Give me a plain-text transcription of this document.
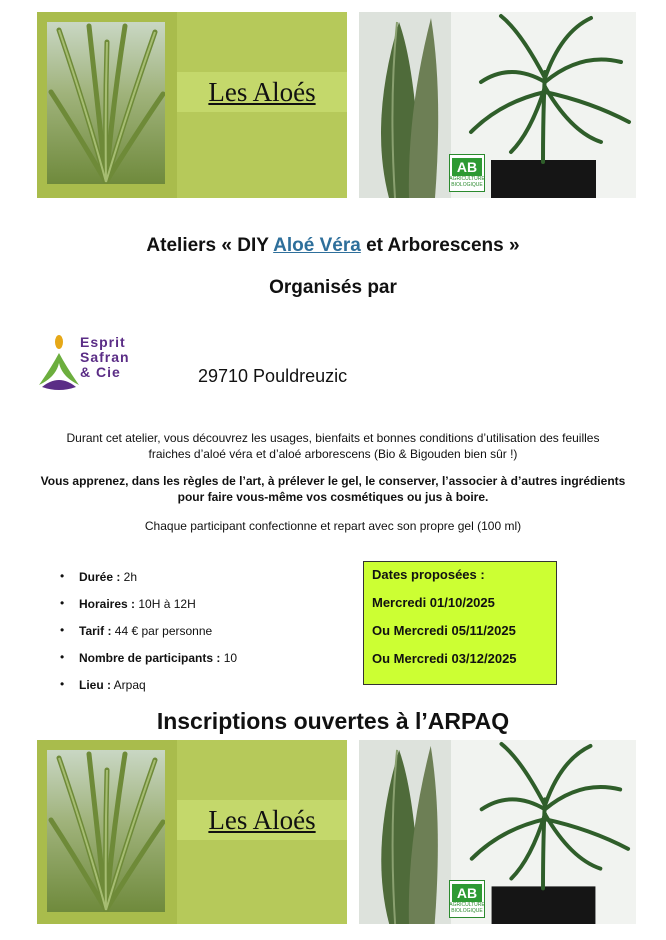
Les Aloés
AB
AGRICULTURE BIOLOGIQUE
Ateliers « DIY Aloé Véra et Arborescens »
Organisés par
Esprit
Safran
& Cie	29710 Pouldreuzic
Durant cet atelier, vous découvrez les usages, bienfaits et bonnes conditions d’utilisation des feuilles
fraiches d’aloé véra et d’aloé arborescens (Bio & Bigouden bien sûr !)
Vous apprenez, dans les règles de l’art, à prélever le gel, le conserver, l’associer à d’autres ingrédients
pour faire vous-même vos cosmétiques ou jus à boire.
Chaque participant confectionne et repart avec son propre gel (100 ml)
• Durée : 2h
• Horaires : 10H à 12H
• Tarif : 44 € par personne
• Nombre de participants : 10
• Lieu : Arpaq
Dates proposées :
Mercredi 01/10/2025
Ou Mercredi 05/11/2025
Ou Mercredi 03/12/2025
Inscriptions ouvertes à l’ARPAQ
Les Aloés
AB
AGRICULTURE BIOLOGIQUE
